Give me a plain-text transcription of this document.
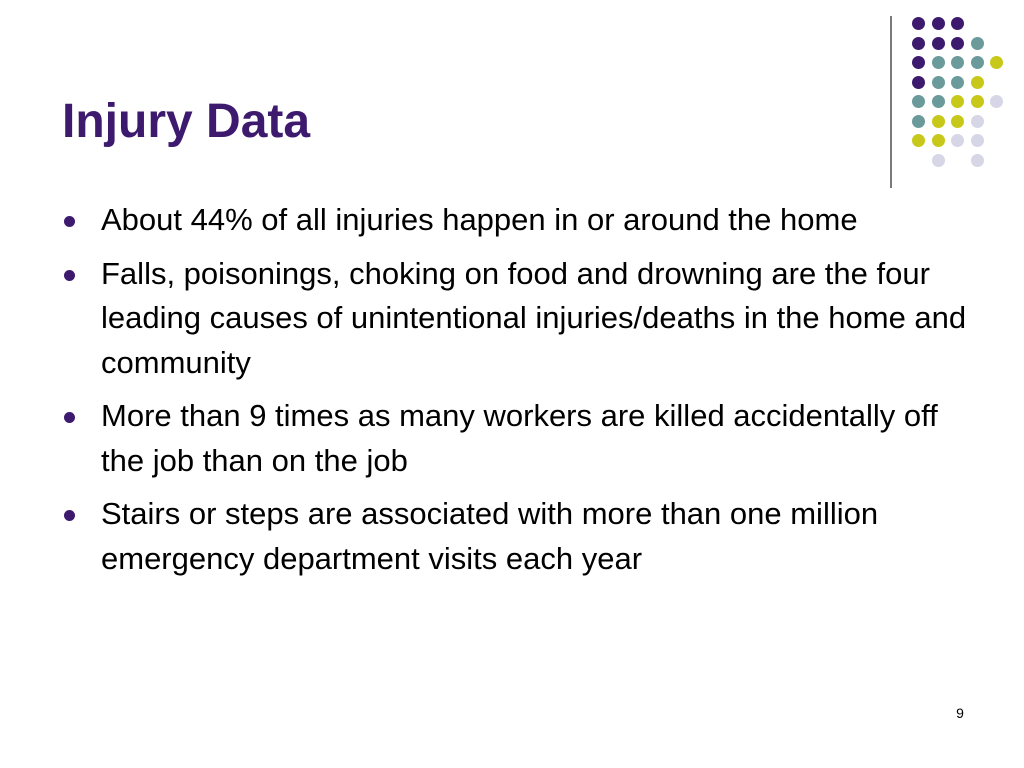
Injury Data
About 44% of all injuries happen in or around the home
Falls, poisonings, choking on food and drowning are the four leading causes of unintentional injuries/deaths in the home and community
More than 9 times as many workers are killed accidentally off the job than on the job
Stairs or steps are associated with more than one million emergency department visits each year
9
